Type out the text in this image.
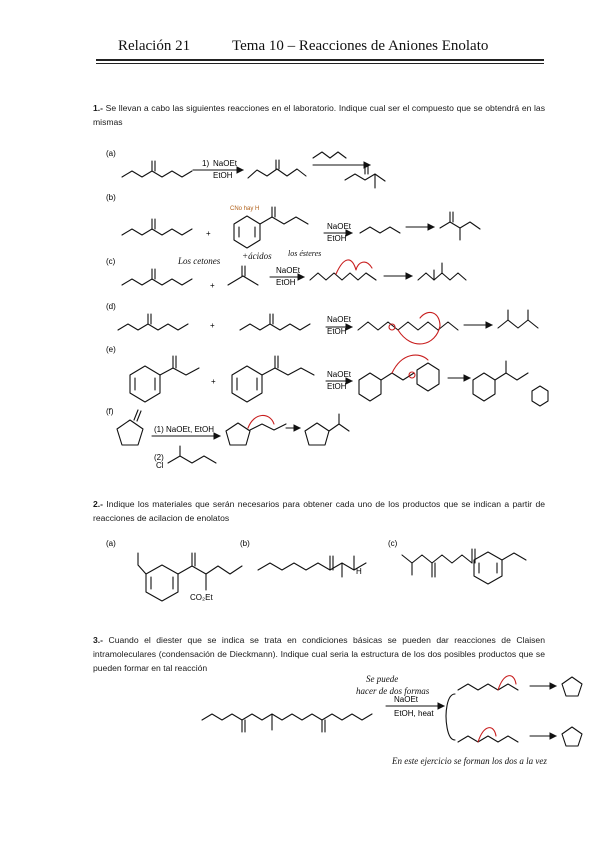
Relación 21	Tema 10 – Reacciones de Aniones Enolato
1.- Se llevan a cabo las siguientes reacciones en el laboratorio. Indique cual ser el compuesto que se obtendrá en las mismas
2.- Indique los materiales que serán necesarios para obtener cada uno de los productos que se indican a partir de reacciones de acilacion de enolatos
3.- Cuando el diester que se indica se trata en condiciones básicas se pueden dar reacciones de Claisen intramoleculares (condensación de Dieckmann). Indique cual seria la estructura de los dos posibles productos que se pueden formar en tal reacción
(a)
1) NaOEt
EtOH
(b)
+
CNo hay H
NaOEt
EtOH
(c)
+
NaOEt
EtOH
Los cetones +ácidos los ésteres
(d)
+
NaOEt
EtOH
(e)
+
NaOEt
EtOH
(f)
(1) NaOEt, EtOH
(2)
Cl
(a)
CO₂Et
(b)
H
(c)
NaOEt
EtOH, heat
Se puede
hacer de dos formas
En este ejercicio se forman los dos a la vez
